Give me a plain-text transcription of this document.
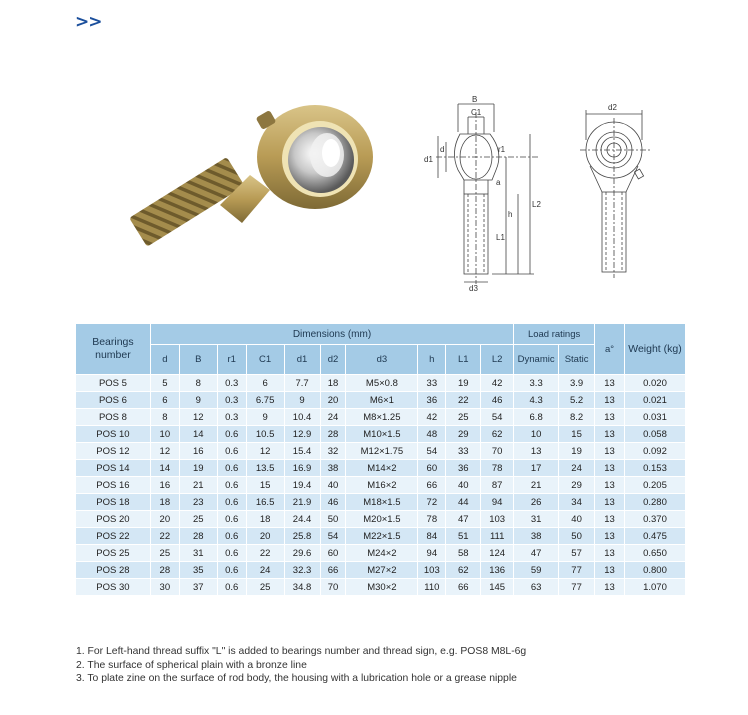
>>
B
C1
d1
d	r1
a
h
L1
L2
d3
d2
Bearings number	Dimensions (mm)										Load ratings		a°	Weight (kg)
	d	B	r1	C1	d1	d2	d3	h	L1	L2	Dynamic	Static		
POS 5	5	8	0.3	6	7.7	18	M5×0.8	33	19	42	3.3	3.9	13	0.020
POS 6	6	9	0.3	6.75	9	20	M6×1	36	22	46	4.3	5.2	13	0.021
POS 8	8	12	0.3	9	10.4	24	M8×1.25	42	25	54	6.8	8.2	13	0.031
POS 10	10	14	0.6	10.5	12.9	28	M10×1.5	48	29	62	10	15	13	0.058
POS 12	12	16	0.6	12	15.4	32	M12×1.75	54	33	70	13	19	13	0.092
POS 14	14	19	0.6	13.5	16.9	38	M14×2	60	36	78	17	24	13	0.153
POS 16	16	21	0.6	15	19.4	40	M16×2	66	40	87	21	29	13	0.205
POS 18	18	23	0.6	16.5	21.9	46	M18×1.5	72	44	94	26	34	13	0.280
POS 20	20	25	0.6	18	24.4	50	M20×1.5	78	47	103	31	40	13	0.370
POS 22	22	28	0.6	20	25.8	54	M22×1.5	84	51	111	38	50	13	0.475
POS 25	25	31	0.6	22	29.6	60	M24×2	94	58	124	47	57	13	0.650
POS 28	28	35	0.6	24	32.3	66	M27×2	103	62	136	59	77	13	0.800
POS 30	30	37	0.6	25	34.8	70	M30×2	110	66	145	63	77	13	1.070
1. For Left-hand thread suffix "L" is added to bearings number and thread sign, e.g. POS8 M8L-6g
2. The surface of spherical plain with a bronze line
3. To plate zine on the surface of rod body, the housing with a lubrication hole or a grease nipple
